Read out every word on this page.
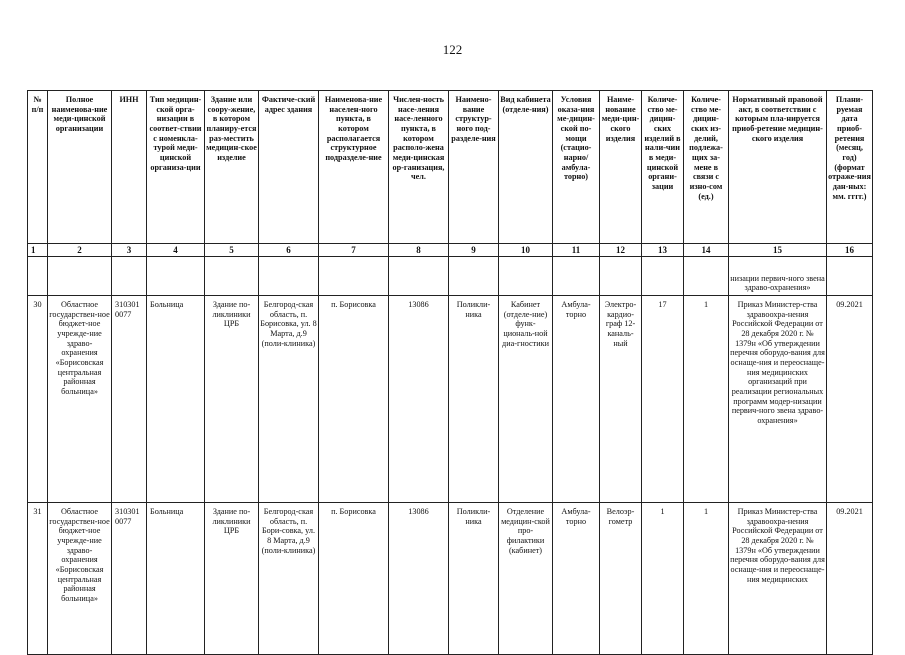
122
№ п/п	Полное наименова-ние меди-цинской организации	ИНН	Тип медицин-ской орга-низации в соответ-ствии с номенкла-турой меди-цинской организа-ции	Здание или соору-жение, в котором планиру-ется раз-местить медицин-ское изделие	Фактиче-ский адрес здания	Наименова-ние населен-ного пункта, в котором располагается структурное подразделе-ние	Числен-ность насе-ления насе-ленного пункта, в котором располо-жена меди-цинская ор-ганизация, чел.	Наимено-вание структур-ного под-разделе-ния	Вид кабинета (отделе-ния)	Условия оказа-ния ме-дицин-ской по-мощи (стацио-нарно/ амбула-торно)	Наиме-нование меди-цин-ского изделия	Количе-ство ме-дицин-ских изделий в нали-чии в меди-цинской органи-зации	Количе-ство ме-дицин-ских из-делий, подлежа-щих за-мене в связи с изно-сом (ед.)	Нормативный правовой акт, в соответствии с которым пла-нируется приоб-ретение медицин-ского изделия	Плани-руемая дата приоб-ретения (месяц, год) (формат отраже-ния дан-ных: мм. гггг.)
1	2	3	4	5	6	7	8	9	10	11	12	13	14	15	16
														низации первич-ного звена здраво-охранения»	
30	Областное государствен-ное бюджет-ное учрежде-ние здраво-охранения «Борисовская центральная районная больница»	310301 0077	Больница	Здание по-ликлиники ЦРБ	Белгород-ская область, п. Борисовка, ул. 8 Марта, д.9 (поли-клиника)	п. Борисовка	13086	Поликли-ника	Кабинет (отделе-ние) функ-циональ-ной диа-гностики	Амбула-торно	Электро-кардио-граф 12-каналь-ный	17	1	Приказ Министер-ства здравоохра-нения Российской Федерации от 28 декабря 2020 г. № 1379н «Об утверждении перечня оборудо-вания для оснаще-ния и переоснаще-ния медицинских организаций при реализации региональных программ модер-низации первич-ного звена здраво-охранения»	09.2021
31	Областное государствен-ное бюджет-ное учрежде-ние здраво-охранения «Борисовская центральная районная больница»	310301 0077	Больница	Здание по-ликлиники ЦРБ	Белгород-ская область, п. Бори-совка, ул. 8 Марта, д.9 (поли-клиника)	п. Борисовка	13086	Поликли-ника	Отделение медицин-ской про-филактики (кабинет)	Амбула-торно	Велоэр-гометр	1	1	Приказ Министер-ства здравоохра-нения Российской Федерации от 28 декабря 2020 г. № 1379н «Об утверждении перечня оборудо-вания для оснаще-ния и переоснаще-ния медицинских	09.2021
